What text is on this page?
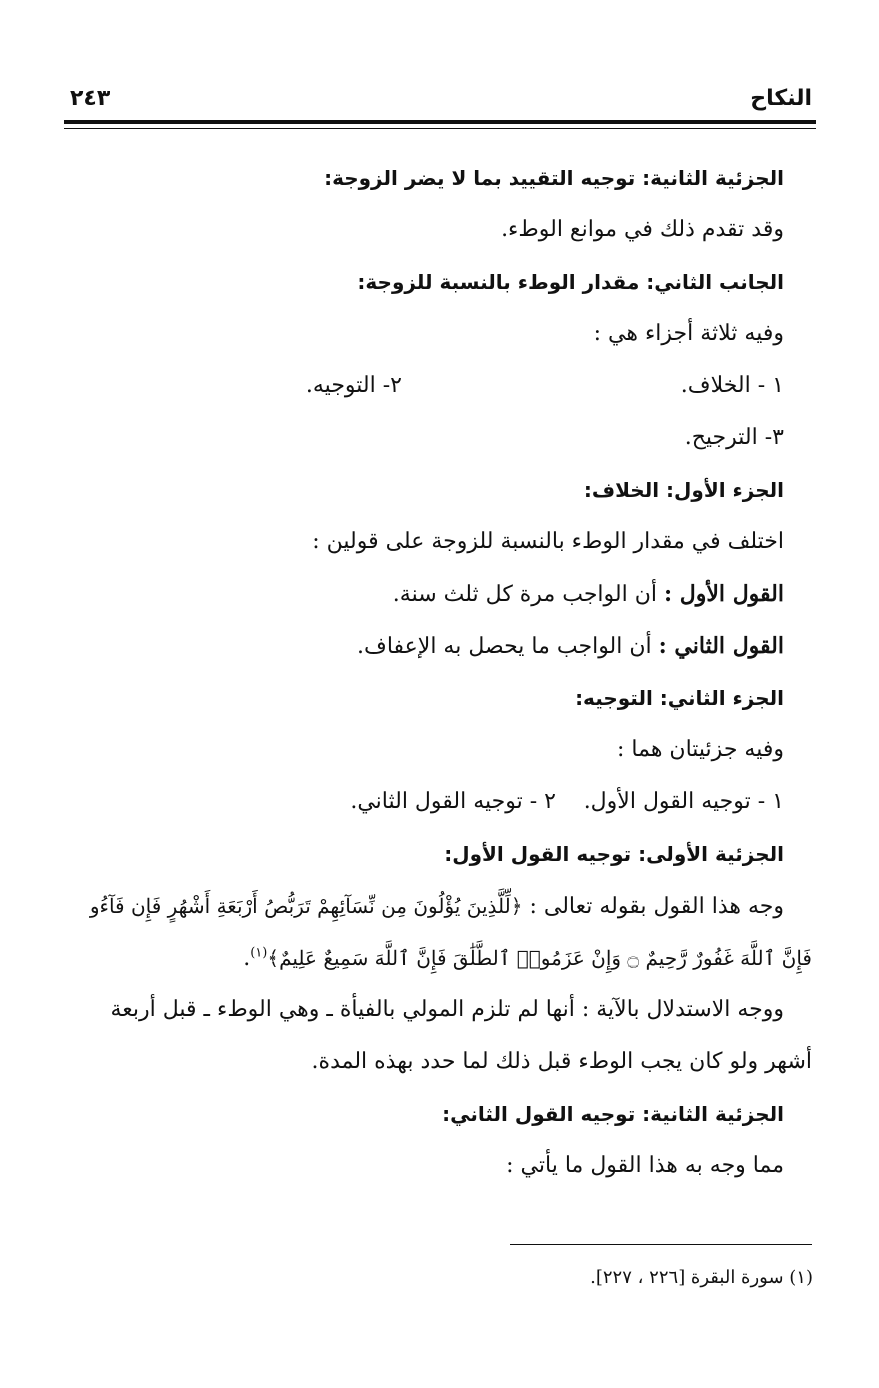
النكاح
٢٤٣
الجزئية الثانية: توجيه التقييد بما لا يضر الزوجة:
وقد تقدم ذلك في موانع الوطء.
الجانب الثاني: مقدار الوطء بالنسبة للزوجة:
وفيه ثلاثة أجزاء هي :
١ - الخلاف.
٢- التوجيه.
٣- الترجيح.
الجزء الأول: الخلاف:
اختلف في مقدار الوطء بالنسبة للزوجة على قولين :
القول الأول : أن الواجب مرة كل ثلث سنة.
القول الثاني : أن الواجب ما يحصل به الإعفاف.
الجزء الثاني: التوجيه:
وفيه جزئيتان هما :
١ - توجيه القول الأول.
٢ - توجيه القول الثاني.
الجزئية الأولى: توجيه القول الأول:
وجه هذا القول بقوله تعالى : ﴿لِّلَّذِينَ يُؤْلُونَ مِن نِّسَآئِهِمْ تَرَبُّصُ أَرْبَعَةِ أَشْهُرٍ فَإِن فَآءُو
فَإِنَّ ٱللَّهَ غَفُورٌ رَّحِيمٌ ۝ وَإِنْ عَزَمُوا۟ ٱلطَّلَٰقَ فَإِنَّ ٱللَّهَ سَمِيعٌ عَلِيمٌ﴾$^{(١)}$.
ووجه الاستدلال بالآية : أنها لم تلزم المولي بالفيأة ـ وهي الوطء ـ قبل أربعة
أشهر ولو كان يجب الوطء قبل ذلك لما حدد بهذه المدة.
الجزئية الثانية: توجيه القول الثاني:
مما وجه به هذا القول ما يأتي :
(١) سورة البقرة [٢٢٦ ، ٢٢٧].
